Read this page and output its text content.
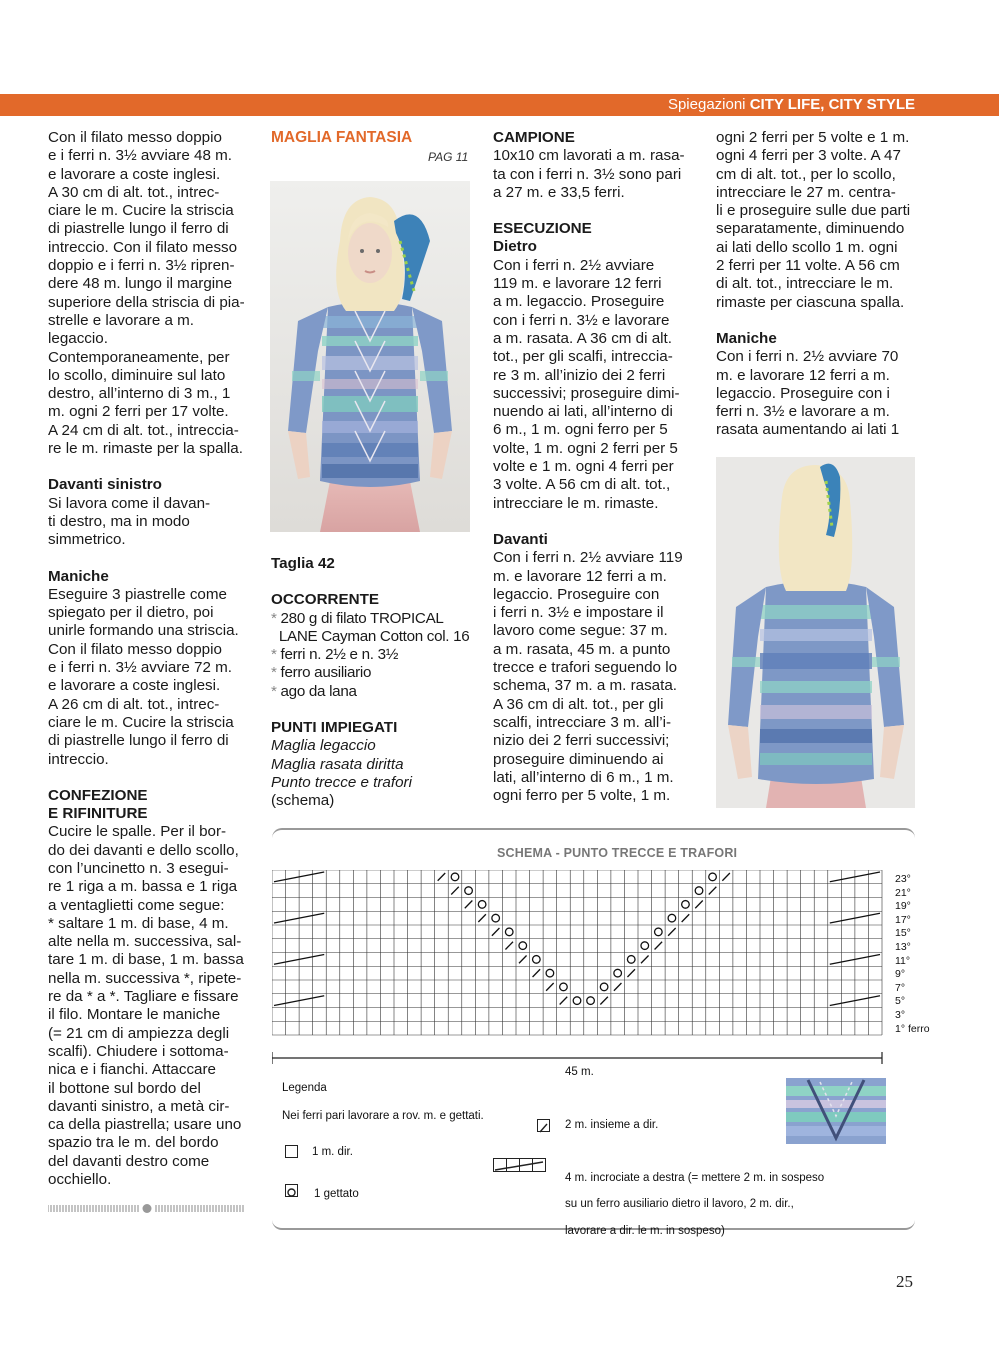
Spiegazioni CITY LIFE, CITY STYLE

Con il filato messo doppio

e i ferri n. 3½ avviare 48 m.

e lavorare a coste inglesi.

A 30 cm di alt. tot., intrec-

ciare le m. Cucire la striscia

di piastrelle lungo il ferro di

intreccio. Con il filato messo

doppio e i ferri n. 3½ ripren-

dere 48 m. lungo il margine

superiore della striscia di pia-

strelle e lavorare a m. legaccio.

Contemporaneamente, per

lo scollo, diminuire sul lato

destro, all’interno di 3 m., 1

m. ogni 2 ferri per 17 volte.

A 24 cm di alt. tot., intreccia-

re le m. rimaste per la spalla.

Davanti sinistro

Si lavora come il davan-

ti destro, ma in modo

simmetrico.

Maniche

Eseguire 3 piastrelle come

spiegato per il dietro, poi

unirle formando una striscia.

Con il filato messo doppio

e i ferri n. 3½ avviare 72 m.

e lavorare a coste inglesi.

A 26 cm di alt. tot., intrec-

ciare le m. Cucire la striscia

di piastrelle lungo il ferro di

intreccio.

CONFEZIONE

E RIFINITURE

Cucire le spalle. Per il bor-

do dei davanti e dello scollo,

con l’uncinetto n. 3 esegui-

re 1 riga a m. bassa e 1 riga

a ventaglietti come segue:

* saltare 1 m. di base, 4 m.

alte nella m. successiva, sal-

tare 1 m. di base, 1 m. bassa

nella m. successiva *, ripete-

re da * a *. Tagliare e fissare

il filo. Montare le maniche

(= 21 cm di ampiezza degli

scalfi). Chiudere i sottoma-

nica e i fianchi. Attaccare

il bottone sul bordo del

davanti sinistro, a metà cir-

ca della piastrella; usare uno

spazio tra le m. del bordo

del davanti destro come

occhiello.

MAGLIA FANTASIA

PAG 11

Taglia 42

OCCORRENTE

* 280 g di filato TROPICAL

LANE Cayman Cotton col. 16

* ferri n. 2½ e n. 3½

* ferro ausiliario

* ago da lana

PUNTI IMPIEGATI

Maglia legaccio

Maglia rasata diritta

Punto trecce e trafori

(schema)

CAMPIONE

10x10 cm lavorati a m. rasa-

ta con i ferri n. 3½ sono pari

a 27 m. e 33,5 ferri.

ESECUZIONE

Dietro

Con i ferri n. 2½ avviare

119 m. e lavorare 12 ferri

a m. legaccio. Proseguire

con i ferri n. 3½ e lavorare

a m. rasata. A 36 cm di alt.

tot., per gli scalfi, intreccia-

re 3 m. all’inizio dei 2 ferri

successivi; proseguire dimi-

nuendo ai lati, all’interno di

6 m., 1 m. ogni ferro per 5

volte, 1 m. ogni 2 ferri per 5

volte e 1 m. ogni 4 ferri per

3 volte. A 56 cm di alt. tot.,

intrecciare le m. rimaste.

Davanti

Con i ferri n. 2½ avviare 119

m. e lavorare 12 ferri a m.

legaccio. Proseguire con

i ferri n. 3½ e impostare il

lavoro come segue: 37 m.

a m. rasata, 45 m. a punto

trecce e trafori seguendo lo

schema, 37 m. a m. rasata.

A 36 cm di alt. tot., per gli

scalfi, intrecciare 3 m. all’i-

nizio dei 2 ferri successivi;

proseguire diminuendo ai

lati, all’interno di 6 m., 1 m.

ogni ferro per 5 volte, 1 m.

ogni 2 ferri per 5 volte e 1 m.

ogni 4 ferri per 3 volte. A 47

cm di alt. tot., per lo scollo,

intrecciare le 27 m. centra-

li e proseguire sulle due parti

separatamente, diminuendo

ai lati dello scollo 1 m. ogni

2 ferri per 11 volte. A 56 cm

di alt. tot., intrecciare le m.

rimaste per ciascuna spalla.

Maniche

Con i ferri n. 2½ avviare 70

m. e lavorare 12 ferri a m.

legaccio. Proseguire con i

ferri n. 3½ e lavorare a m.

rasata aumentando ai lati 1

SCHEMA - PUNTO TRECCE E TRAFORI
23°
21°
19°
17°
15°
13°
11°
9°
7°
5°
3°
1° ferro
45 m.
Legenda
Nei ferri pari lavorare a rov. m. e gettati.
1 m. dir.
1 gettato
2 m. insieme a dir.

4 m. incrociate a destra (= mettere 2 m. in sospeso

su un ferro ausiliario dietro il lavoro, 2 m. dir.,

lavorare a dir. le m. in sospeso)

25
